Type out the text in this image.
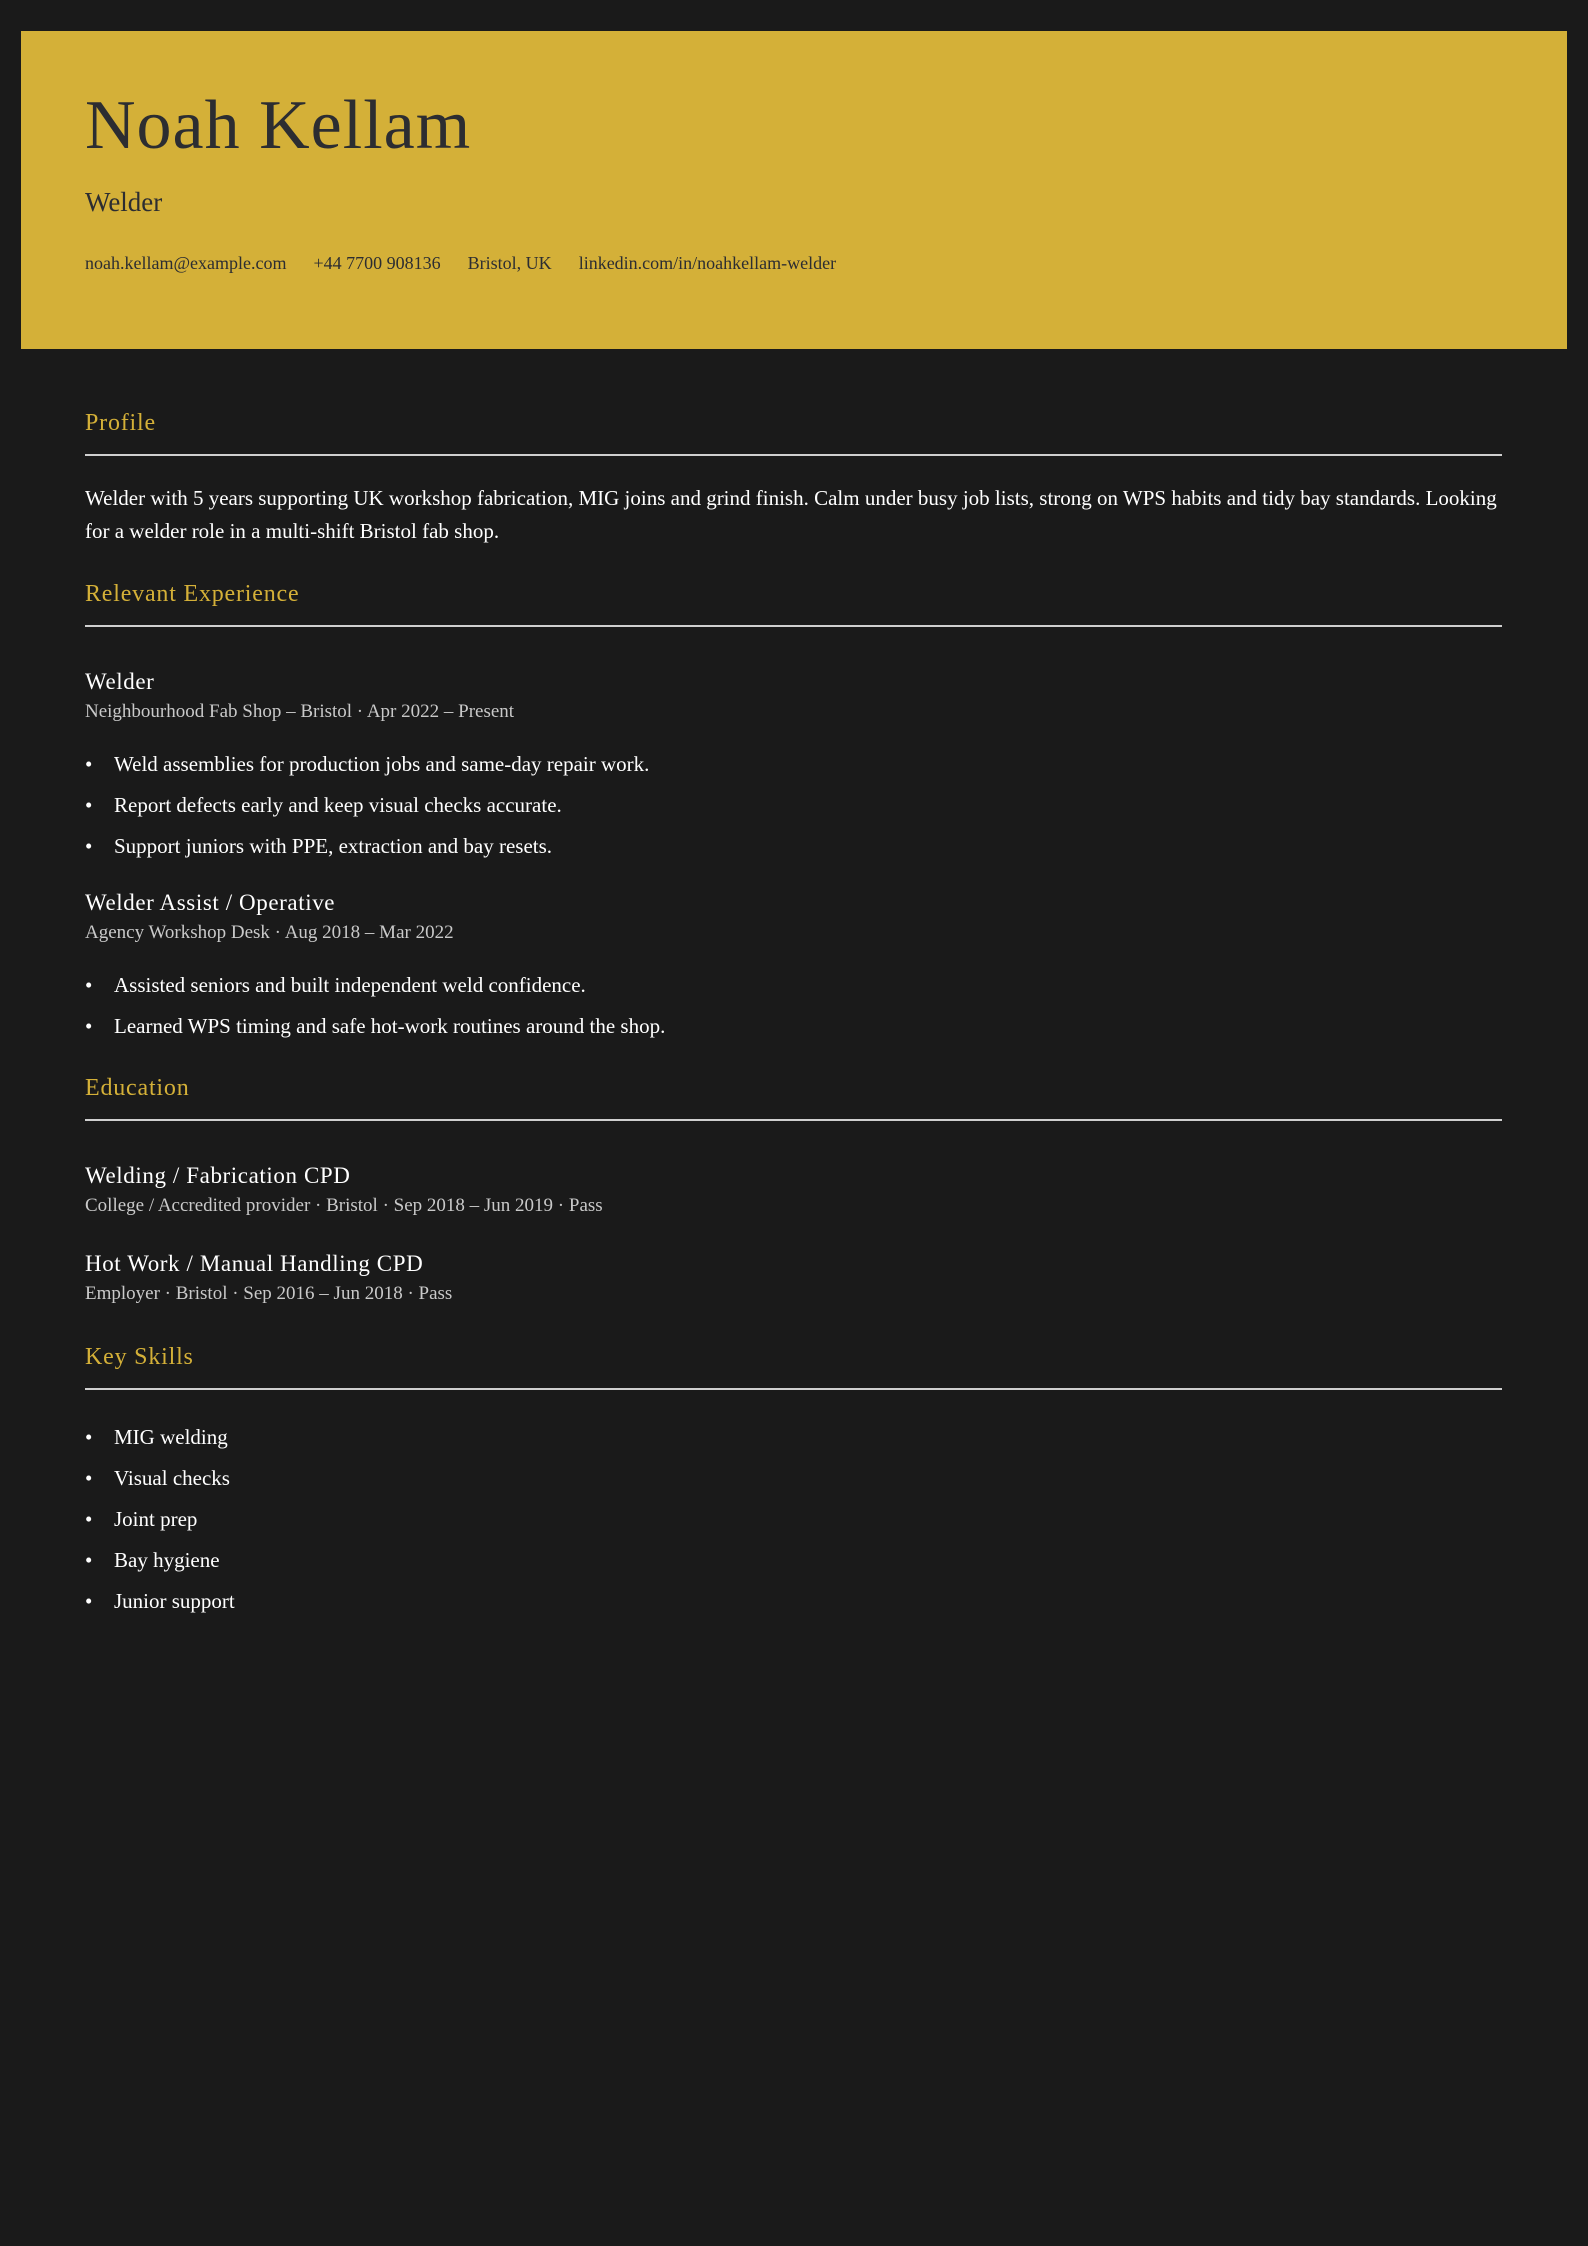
Noah Kellam
Welder
noah.kellam@example.com +44 7700 908136 Bristol, UK linkedin.com/in/noahkellam-welder
Profile

Welder with 5 years supporting UK workshop fabrication, MIG joins and grind finish. Calm under busy job lists, strong on WPS habits and tidy bay standards. Looking for a welder role in a multi-shift Bristol fab shop.

Relevant Experience
Welder
Neighbourhood Fab Shop – Bristol · Apr 2022 – Present
• Weld assemblies for production jobs and same-day repair work.
• Report defects early and keep visual checks accurate.
• Support juniors with PPE, extraction and bay resets.
Welder Assist / Operative
Agency Workshop Desk · Aug 2018 – Mar 2022
• Assisted seniors and built independent weld confidence.
• Learned WPS timing and safe hot-work routines around the shop.
Education
Welding / Fabrication CPD
College / Accredited provider · Bristol · Sep 2018 – Jun 2019 · Pass
Hot Work / Manual Handling CPD
Employer · Bristol · Sep 2016 – Jun 2018 · Pass
Key Skills
• MIG welding
• Visual checks
• Joint prep
• Bay hygiene
• Junior support
